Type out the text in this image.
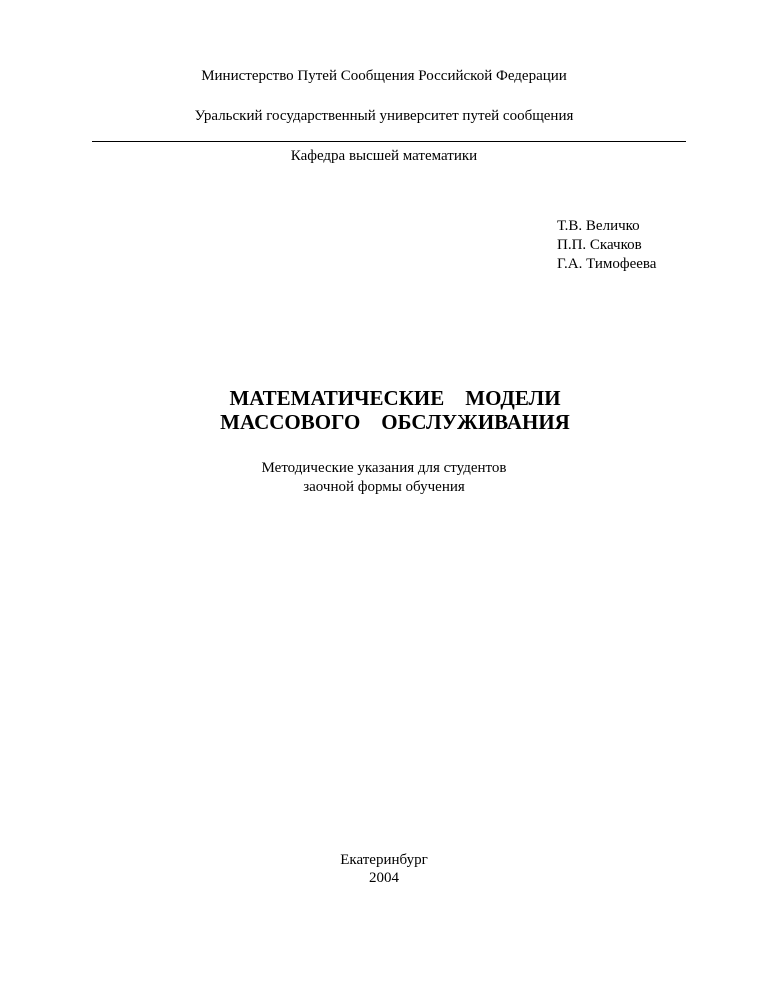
Министерство Путей Сообщения Российской Федерации
Уральский государственный университет путей сообщения
Кафедра высшей математики
Т.В. Величко
П.П. Скачков
Г.А. Тимофеева
МАТЕМАТИЧЕСКИЕ    МОДЕЛИ
МАССОВОГО    ОБСЛУЖИВАНИЯ
Методические указания для студентов
заочной формы обучения
Екатеринбург
2004
